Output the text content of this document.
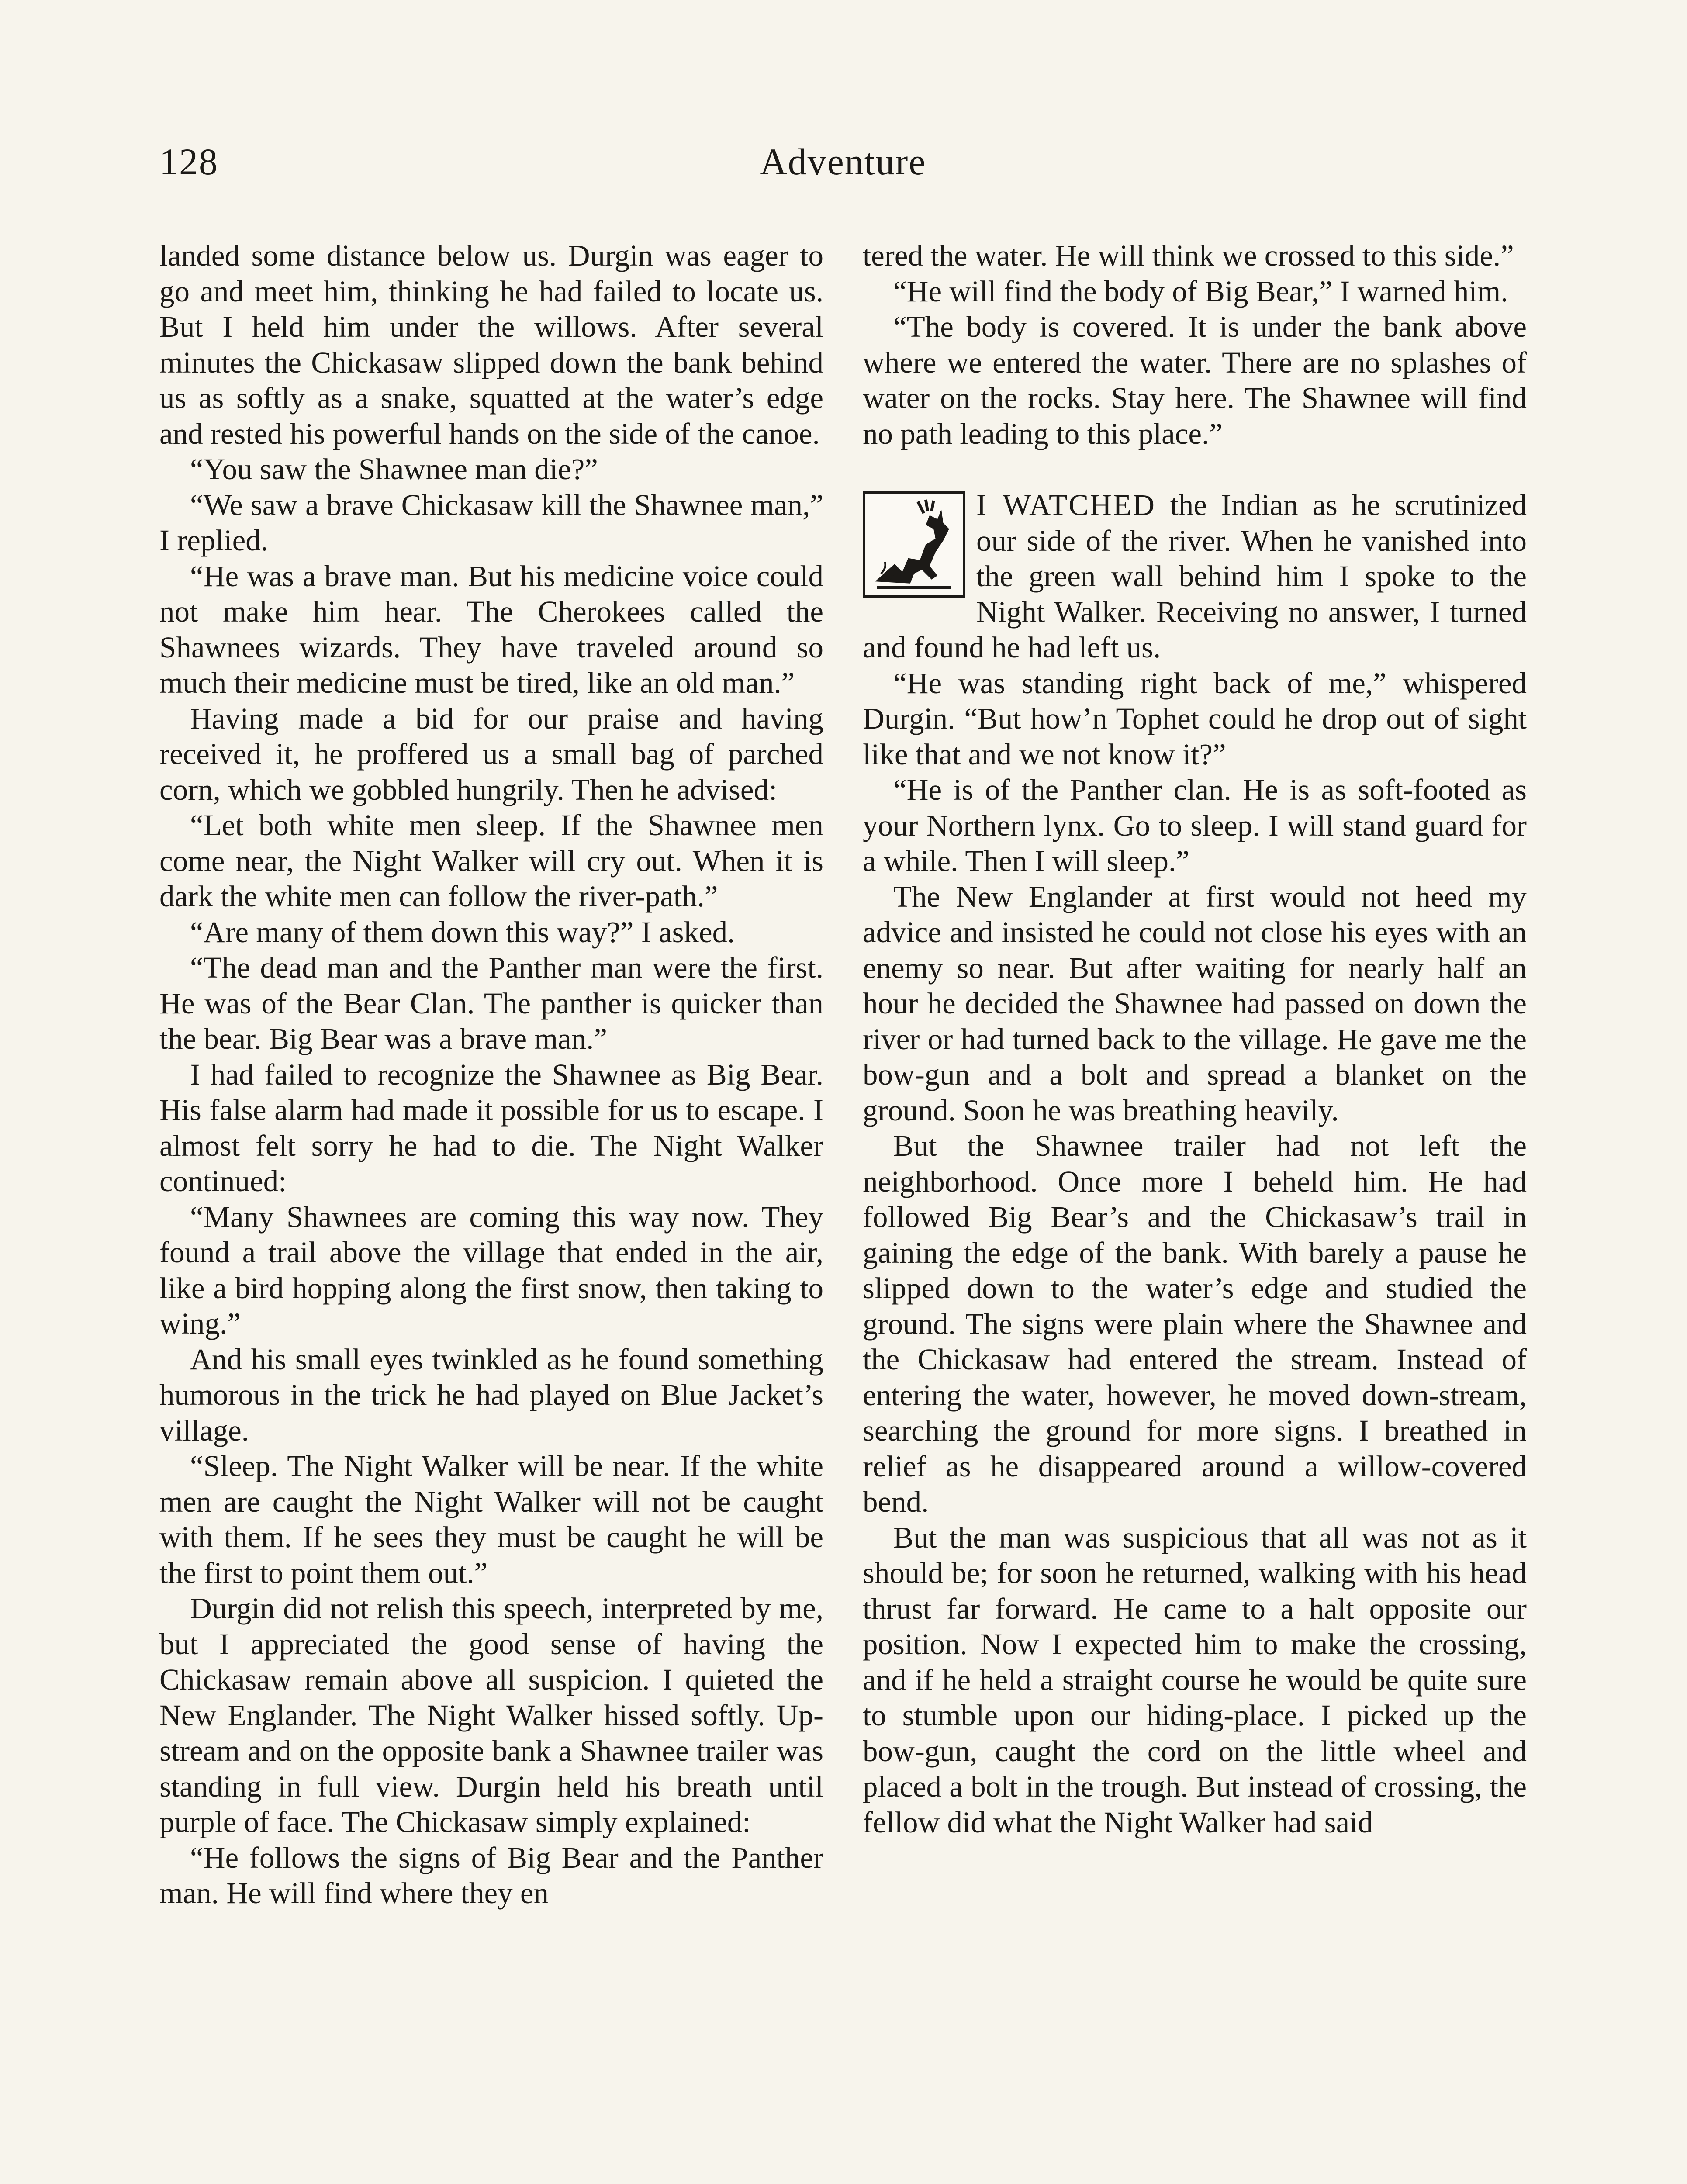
128	Adventure

landed some distance below us. Durgin was eager to go and meet him, thinking he had failed to locate us. But I held him under the willows. After several minutes the Chickasaw slipped down the bank behind us as softly as a snake, squatted at the water’s edge and rested his powerful hands on the side of the canoe.

“You saw the Shawnee man die?”

“We saw a brave Chickasaw kill the Shawnee man,” I replied.

“He was a brave man. But his medicine voice could not make him hear. The Cherokees called the Shawnees wizards. They have traveled around so much their medicine must be tired, like an old man.”

Having made a bid for our praise and having received it, he proffered us a small bag of parched corn, which we gobbled hungrily. Then he advised:

“Let both white men sleep. If the Shawnee men come near, the Night Walker will cry out. When it is dark the white men can follow the river-path.”

“Are many of them down this way?” I asked.

“The dead man and the Panther man were the first. He was of the Bear Clan. The panther is quicker than the bear. Big Bear was a brave man.”

I had failed to recognize the Shawnee as Big Bear. His false alarm had made it possible for us to escape. I almost felt sorry he had to die. The Night Walker continued:

“Many Shawnees are coming this way now. They found a trail above the village that ended in the air, like a bird hopping along the first snow, then taking to wing.”

And his small eyes twinkled as he found something humorous in the trick he had played on Blue Jacket’s village.

“Sleep. The Night Walker will be near. If the white men are caught the Night Walker will not be caught with them. If he sees they must be caught he will be the first to point them out.”

Durgin did not relish this speech, interpreted by me, but I appreciated the good sense of having the Chickasaw remain above all suspicion. I quieted the New Englander. The Night Walker hissed softly. Up-stream and on the opposite bank a Shawnee trailer was standing in full view. Durgin held his breath until purple of face. The Chickasaw simply explained:

“He follows the signs of Big Bear and the Panther man. He will find where they en

tered the water. He will think we crossed to this side.”

“He will find the body of Big Bear,” I warned him.

“The body is covered. It is under the bank above where we entered the water. There are no splashes of water on the rocks. Stay here. The Shawnee will find no path leading to this place.”

I WATCHED the Indian as he scrutinized our side of the river. When he vanished into the green wall behind him I spoke to the Night Walker. Receiving no answer, I turned and found he had left us.

“He was standing right back of me,” whispered Durgin. “But how’n Tophet could he drop out of sight like that and we not know it?”

“He is of the Panther clan. He is as soft-footed as your Northern lynx. Go to sleep. I will stand guard for a while. Then I will sleep.”

The New Englander at first would not heed my advice and insisted he could not close his eyes with an enemy so near. But after waiting for nearly half an hour he decided the Shawnee had passed on down the river or had turned back to the village. He gave me the bow-gun and a bolt and spread a blanket on the ground. Soon he was breathing heavily.

But the Shawnee trailer had not left the neighborhood. Once more I beheld him. He had followed Big Bear’s and the Chickasaw’s trail in gaining the edge of the bank. With barely a pause he slipped down to the water’s edge and studied the ground. The signs were plain where the Shawnee and the Chickasaw had entered the stream. Instead of entering the water, however, he moved down-stream, searching the ground for more signs. I breathed in relief as he disappeared around a willow-covered bend.

But the man was suspicious that all was not as it should be; for soon he returned, walking with his head thrust far forward. He came to a halt opposite our position. Now I expected him to make the crossing, and if he held a straight course he would be quite sure to stumble upon our hiding-place. I picked up the bow-gun, caught the cord on the little wheel and placed a bolt in the trough. But instead of crossing, the fellow did what the Night Walker had said
